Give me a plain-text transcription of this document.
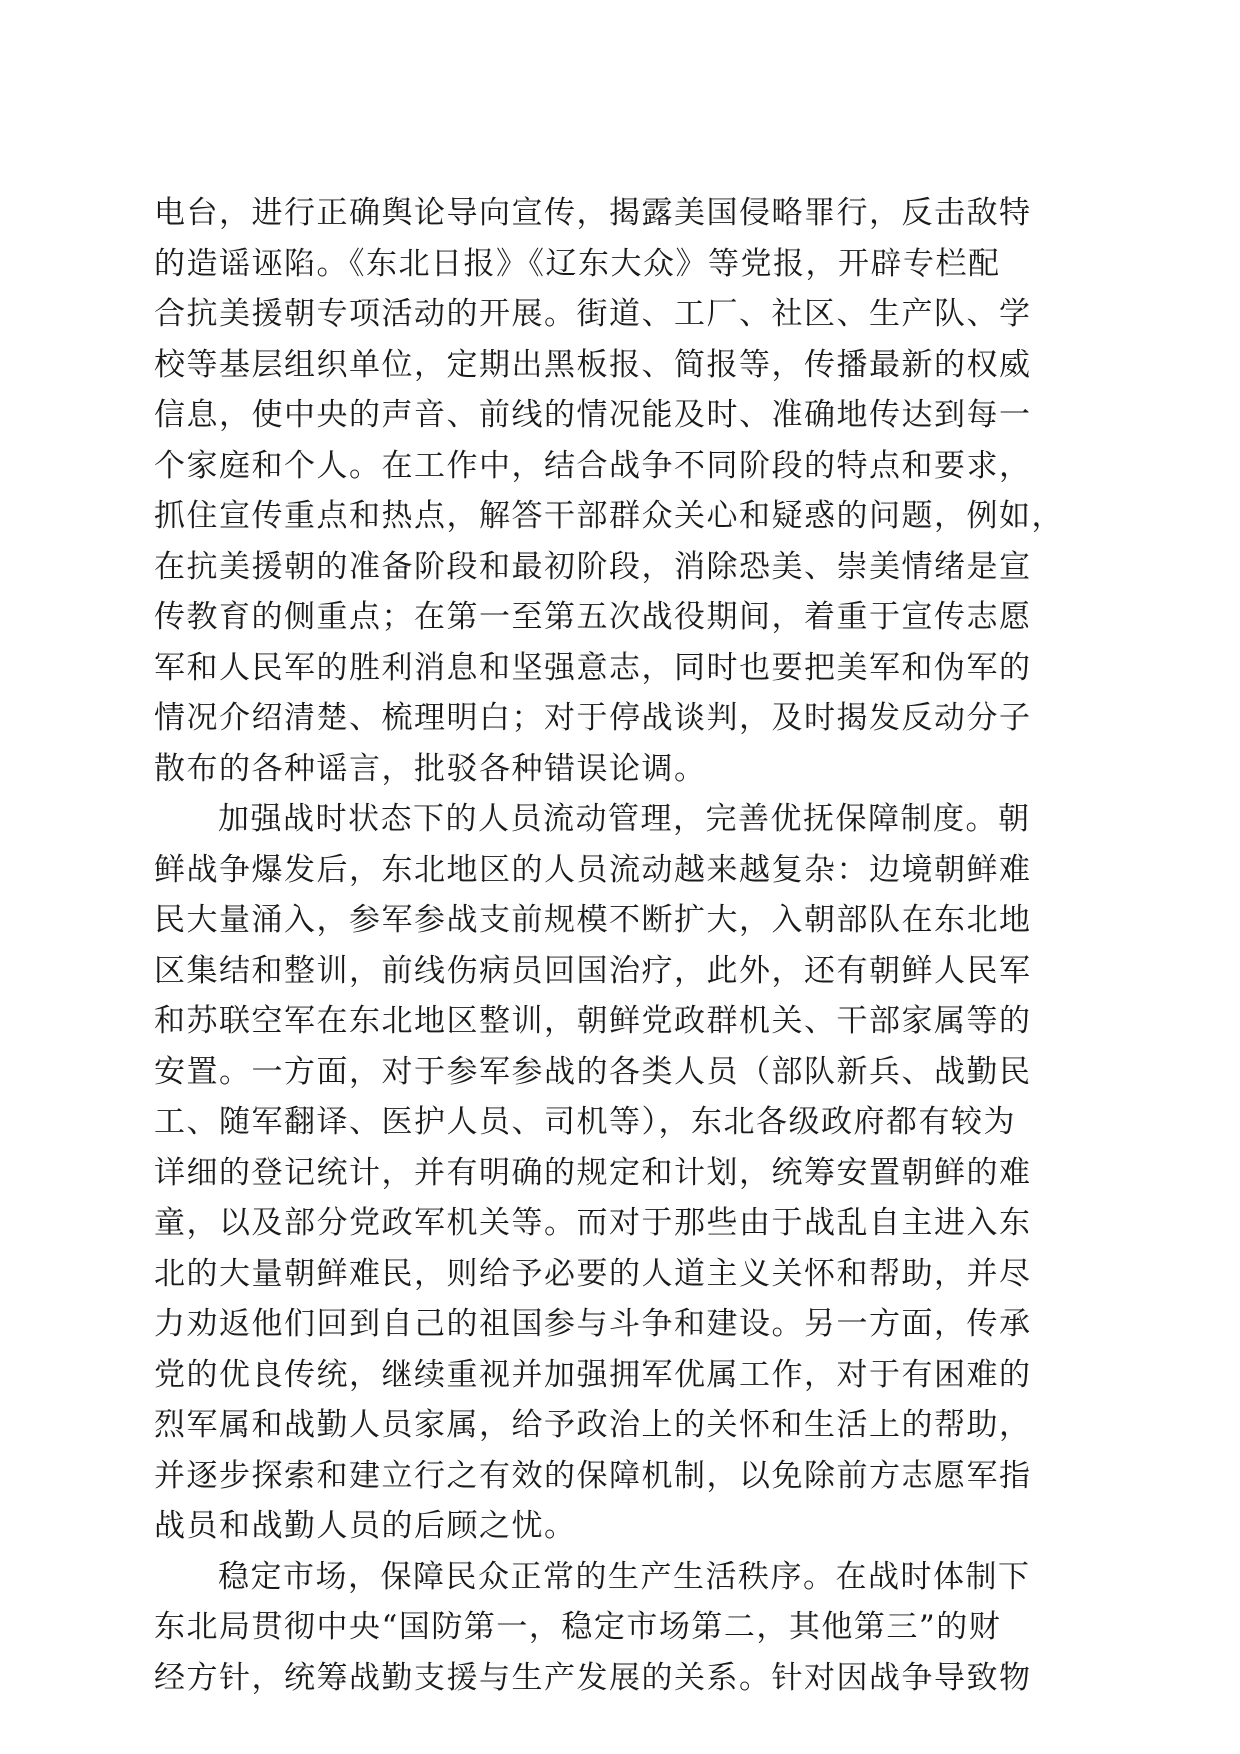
电台，进行正确舆论导向宣传，揭露美国侵略罪行，反击敌特
的造谣诬陷。《东北日报》《辽东大众》等党报，开辟专栏配
合抗美援朝专项活动的开展。街道、工厂、社区、生产队、学
校等基层组织单位，定期出黑板报、简报等，传播最新的权威
信息，使中央的声音、前线的情况能及时、准确地传达到每一
个家庭和个人。在工作中，结合战争不同阶段的特点和要求，
抓住宣传重点和热点，解答干部群众关心和疑惑的问题，例如，
在抗美援朝的准备阶段和最初阶段，消除恐美、崇美情绪是宣
传教育的侧重点；在第一至第五次战役期间，着重于宣传志愿
军和人民军的胜利消息和坚强意志，同时也要把美军和伪军的
情况介绍清楚、梳理明白；对于停战谈判，及时揭发反动分子
散布的各种谣言，批驳各种错误论调。
加强战时状态下的人员流动管理，完善优抚保障制度。朝
鲜战争爆发后，东北地区的人员流动越来越复杂：边境朝鲜难
民大量涌入，参军参战支前规模不断扩大，入朝部队在东北地
区集结和整训，前线伤病员回国治疗，此外，还有朝鲜人民军
和苏联空军在东北地区整训，朝鲜党政群机关、干部家属等的
安置。一方面，对于参军参战的各类人员（部队新兵、战勤民
工、随军翻译、医护人员、司机等），东北各级政府都有较为
详细的登记统计，并有明确的规定和计划，统筹安置朝鲜的难
童，以及部分党政军机关等。而对于那些由于战乱自主进入东
北的大量朝鲜难民，则给予必要的人道主义关怀和帮助，并尽
力劝返他们回到自己的祖国参与斗争和建设。另一方面，传承
党的优良传统，继续重视并加强拥军优属工作，对于有困难的
烈军属和战勤人员家属，给予政治上的关怀和生活上的帮助，
并逐步探索和建立行之有效的保障机制，以免除前方志愿军指
战员和战勤人员的后顾之忧。
稳定市场，保障民众正常的生产生活秩序。在战时体制下
东北局贯彻中央“国防第一，稳定市场第二，其他第三”的财
经方针，统筹战勤支援与生产发展的关系。针对因战争导致物
